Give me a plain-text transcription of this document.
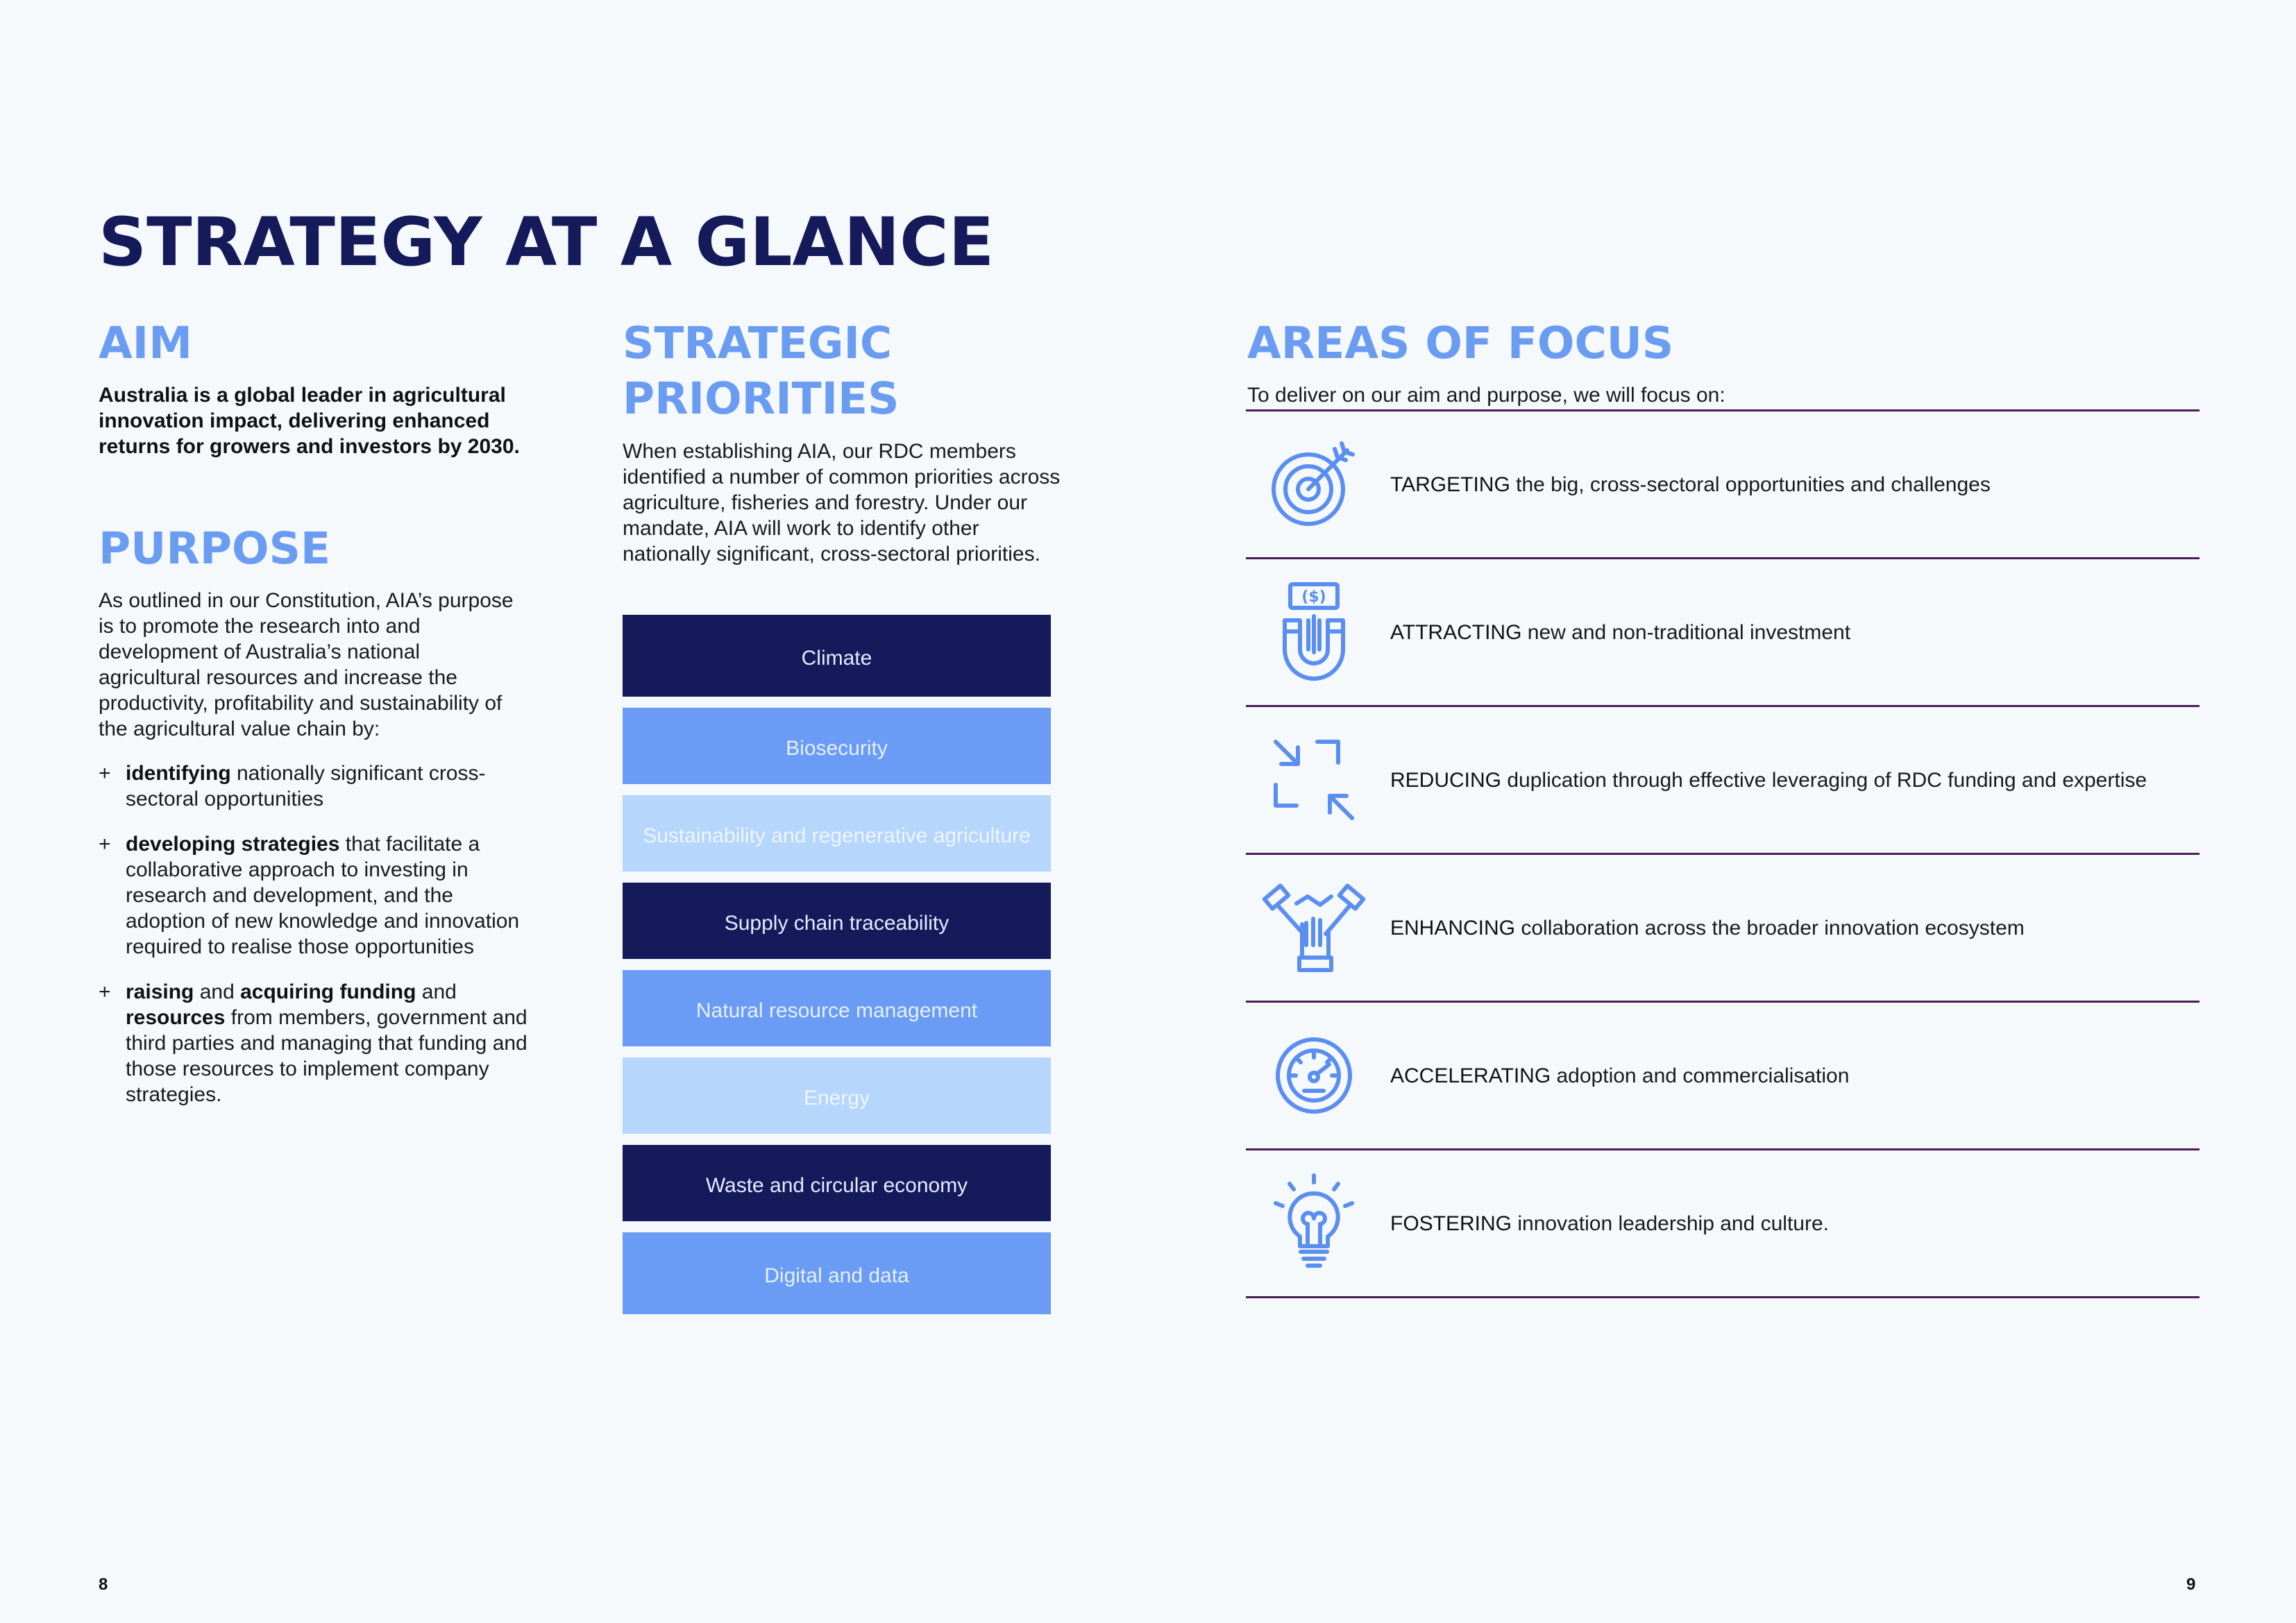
STRATEGY AT A GLANCE
AIM

Australia is a global leader in agricultural innovation impact, delivering enhanced returns for growers and investors by 2030.

PURPOSE

As outlined in our Constitution, AIA’s purpose is to promote the research into and development of Australia’s national agricultural resources and increase the productivity, profitability and sustainability of the agricultural value chain by:

+ identifying nationally significant cross-sectoral opportunities
+ developing strategies that facilitate a collaborative approach to investing in research and development, and the adoption of new knowledge and innovation required to realise those opportunities
+ raising and acquiring funding and resources from members, government and third parties and managing that funding and those resources to implement company strategies.
STRATEGIC
PRIORITIES

When establishing AIA, our RDC members identified a number of common priorities across agriculture, fisheries and forestry. Under our mandate, AIA will work to identify other nationally significant, cross-sectoral priorities.

Climate
Biosecurity
Sustainability and regenerative agriculture
Supply chain traceability
Natural resource management
Energy
Waste and circular economy
Digital and data
AREAS OF FOCUS

To deliver on our aim and purpose, we will focus on:

TARGETING the big, cross-sectoral opportunities and challenges
($)
ATTRACTING new and non-traditional investment
REDUCING duplication through effective leveraging of RDC funding and expertise
ENHANCING collaboration across the broader innovation ecosystem
ACCELERATING adoption and commercialisation
FOSTERING innovation leadership and culture.

8	9
